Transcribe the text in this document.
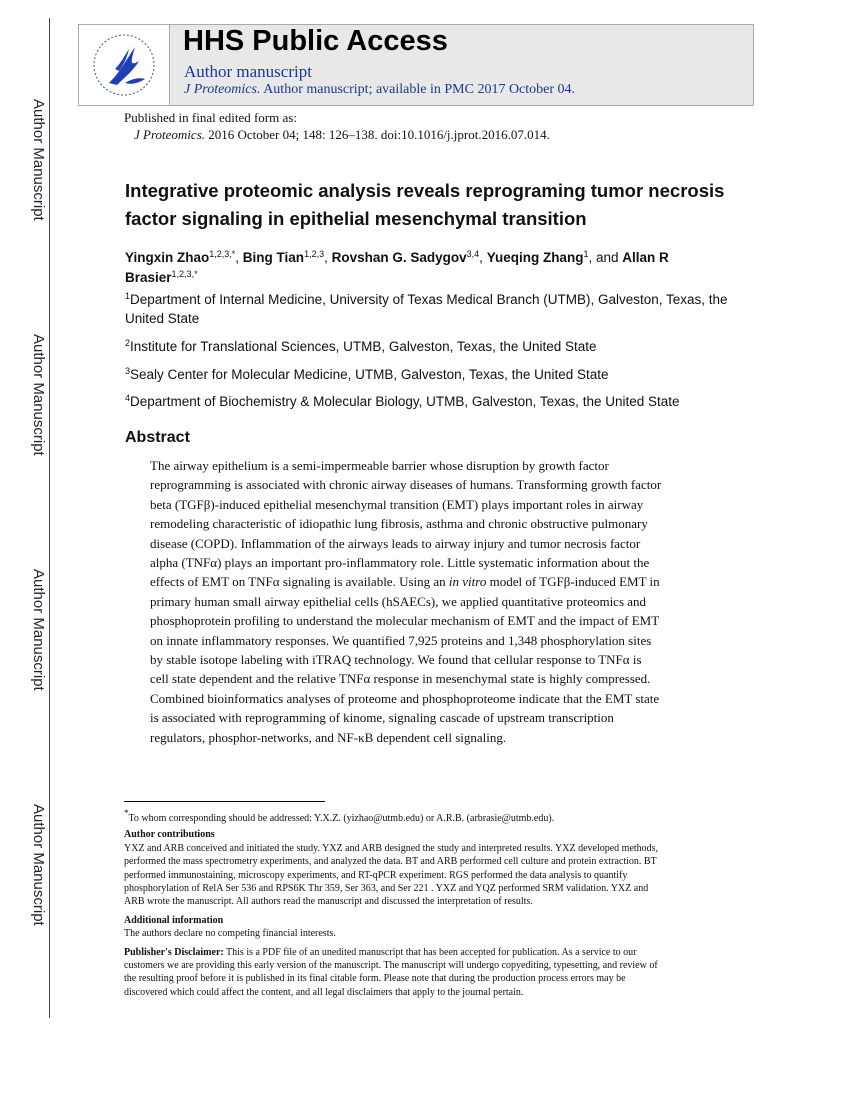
Author Manuscript
Author Manuscript
Author Manuscript
Author Manuscript
HHS Public Access
Author manuscript
J Proteomics. Author manuscript; available in PMC 2017 October 04.
Published in final edited form as:
J Proteomics. 2016 October 04; 148: 126–138. doi:10.1016/j.jprot.2016.07.014.
Integrative proteomic analysis reveals reprograming tumor necrosis factor signaling in epithelial mesenchymal transition
Yingxin Zhao$^{1,2,3,*}$, Bing Tian$^{1,2,3}$, Rovshan G. Sadygov$^{3,4}$, Yueqing Zhang$^1$, and Allan R Brasier$^{1,2,3,*}$
$^1$Department of Internal Medicine, University of Texas Medical Branch (UTMB), Galveston, Texas, the United State
$^2$Institute for Translational Sciences, UTMB, Galveston, Texas, the United State
$^3$Sealy Center for Molecular Medicine, UTMB, Galveston, Texas, the United State
$^4$Department of Biochemistry & Molecular Biology, UTMB, Galveston, Texas, the United State
Abstract
The airway epithelium is a semi-impermeable barrier whose disruption by growth factor
reprogramming is associated with chronic airway diseases of humans. Transforming growth factor
beta (TGFβ)-induced epithelial mesenchymal transition (EMT) plays important roles in airway
remodeling characteristic of idiopathic lung fibrosis, asthma and chronic obstructive pulmonary
disease (COPD). Inflammation of the airways leads to airway injury and tumor necrosis factor
alpha (TNFα) plays an important pro-inflammatory role. Little systematic information about the
effects of EMT on TNFα signaling is available. Using an in vitro model of TGFβ-induced EMT in
primary human small airway epithelial cells (hSAECs), we applied quantitative proteomics and
phosphoprotein profiling to understand the molecular mechanism of EMT and the impact of EMT
on innate inflammatory responses. We quantified 7,925 proteins and 1,348 phosphorylation sites
by stable isotope labeling with iTRAQ technology. We found that cellular response to TNFα is
cell state dependent and the relative TNFα response in mesenchymal state is highly compressed.
Combined bioinformatics analyses of proteome and phosphoproteome indicate that the EMT state
is associated with reprogramming of kinome, signaling cascade of upstream transcription
regulators, phosphor-networks, and NF-κB dependent cell signaling.
*To whom corresponding should be addressed: Y.X.Z. (yizhao@utmb.edu) or A.R.B. (arbrasie@utmb.edu).
Author contributions
YXZ and ARB conceived and initiated the study. YXZ and ARB designed the study and interpreted results. YXZ developed methods,
performed the mass spectrometry experiments, and analyzed the data. BT and ARB performed cell culture and protein extraction. BT
performed immunostaining, microscopy experiments, and RT-qPCR experiment. RGS performed the data analysis to quantify
phosphorylation of RelA Ser 536 and RPS6K Thr 359, Ser 363, and Ser 221 . YXZ and YQZ performed SRM validation. YXZ and
ARB wrote the manuscript. All authors read the manuscript and discussed the interpretation of results.
Additional information
The authors declare no competing financial interests.
Publisher's Disclaimer: This is a PDF file of an unedited manuscript that has been accepted for publication. As a service to our
customers we are providing this early version of the manuscript. The manuscript will undergo copyediting, typesetting, and review of
the resulting proof before it is published in its final citable form. Please note that during the production process errors may be
discovered which could affect the content, and all legal disclaimers that apply to the journal pertain.
